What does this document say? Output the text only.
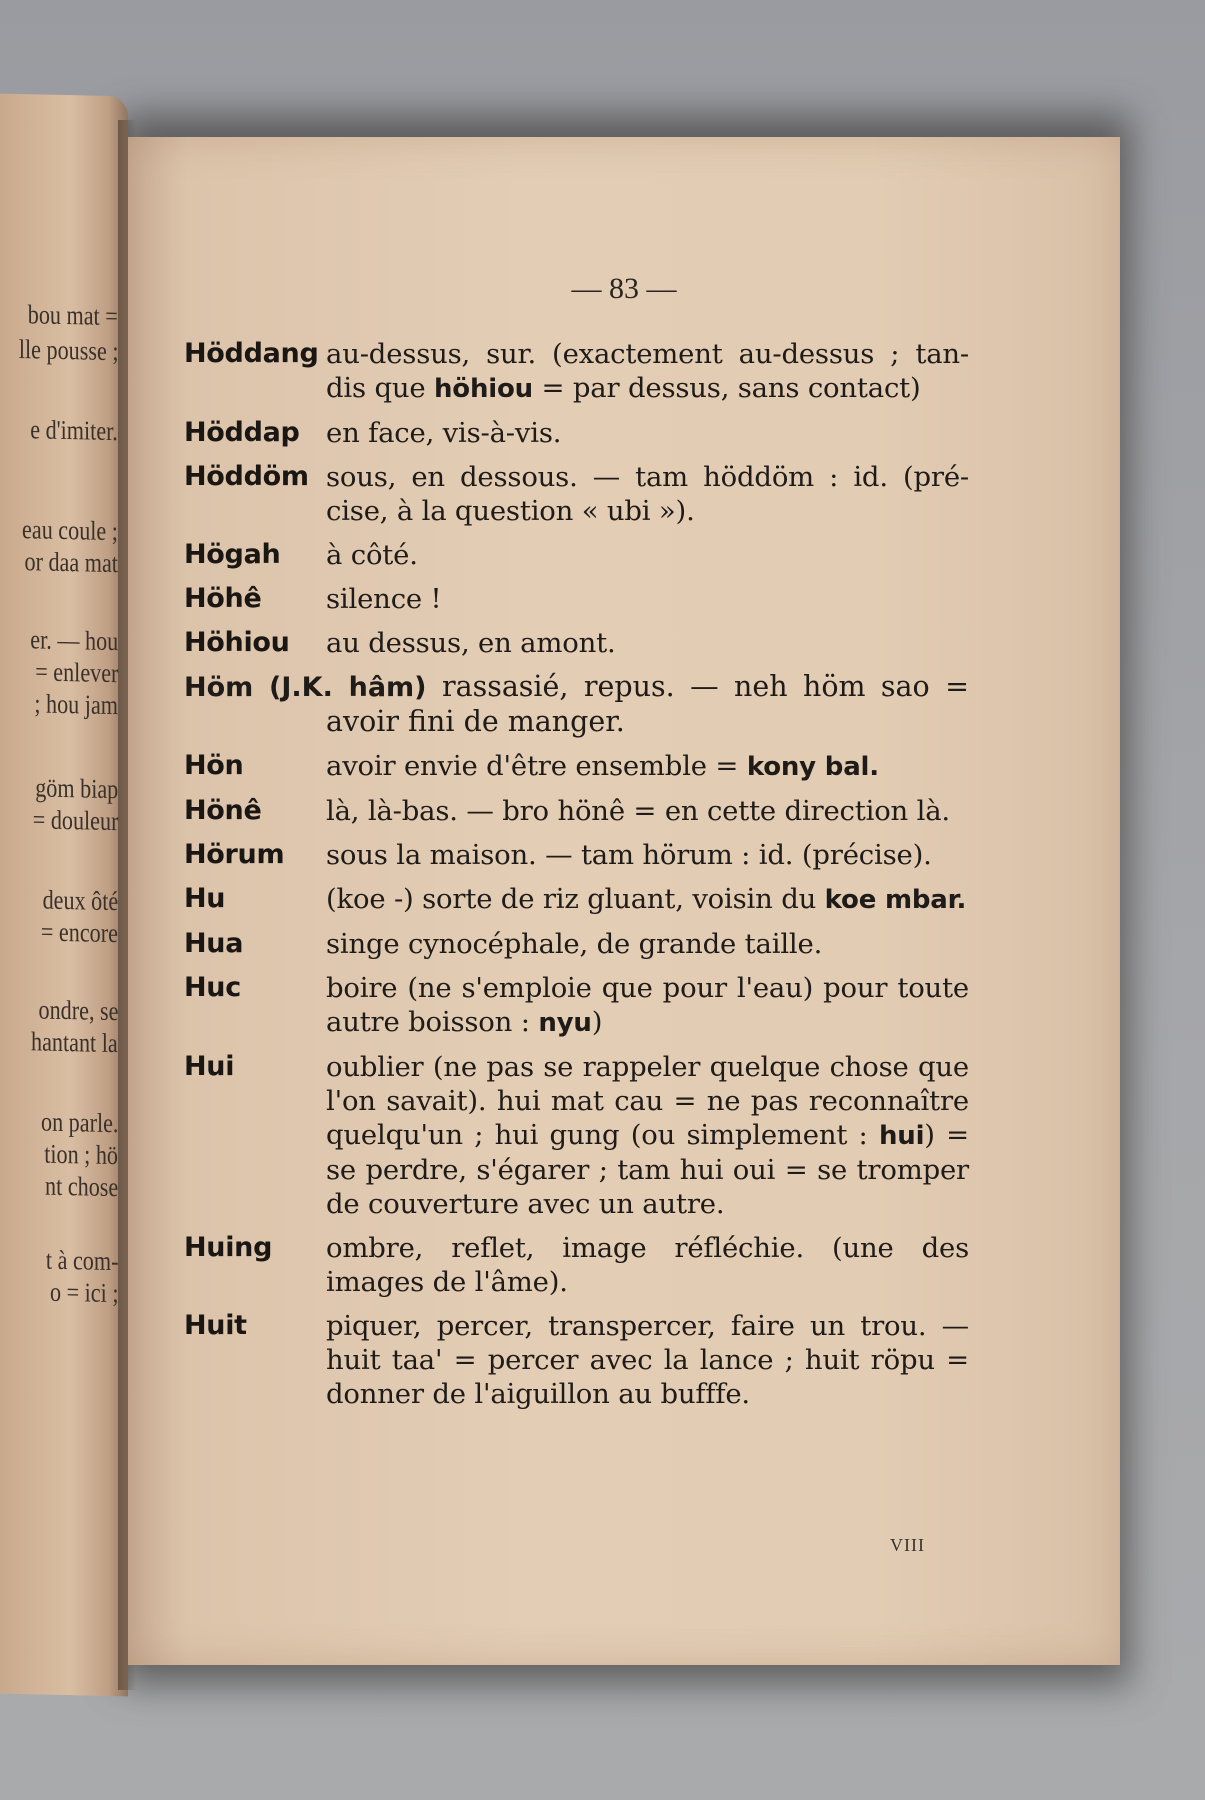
bou mat =
lle pousse ;
e d'imiter.
eau coule ;
or daa mat
er. — hou
= enlever
; hou jam
göm biap
= douleur
deux ôté
= encore
ondre, se
hantant la
on parle.
tion ; hö
nt chose
t à com-
o = ici ;
— 83 —
Höddang au-dessus, sur. (exactement au-dessus ; tan-dis que höhiou = par dessus, sans contact)
Höddap en face, vis-à-vis.
Höddöm sous, en dessous. — tam höddöm : id. (pré-cise, à la question « ubi »).
Högah à côté.
Höhê silence !
Höhiou au dessus, en amont.
Höm (J.K. hâm) rassasié, repus. — neh höm sao = avoir fini de manger.
Hön	avoir envie d'être ensemble = kony bal.
Hönê là, là-bas. — bro hönê = en cette direction là.
Hörum sous la maison. — tam hörum : id. (précise).
Hu	(koe -) sorte de riz gluant, voisin du koe mbar.
Hua	singe cynocéphale, de grande taille.
Huc	boire (ne s'emploie que pour l'eau) pour toute autre boisson : nyu)
Hui	oublier (ne pas se rappeler quelque chose que l'on savait). hui mat cau = ne pas reconnaître quelqu'un ; hui gung (ou simplement : hui) = se perdre, s'égarer ; tam hui oui = se tromper de couverture avec un autre.
Huing ombre, reflet, image réfléchie. (une des images de l'âme).
Huit	piquer, percer, transpercer, faire un trou. — huit taa' = percer avec la lance ; huit röpu = donner de l'aiguillon au bufffe.
VIII
